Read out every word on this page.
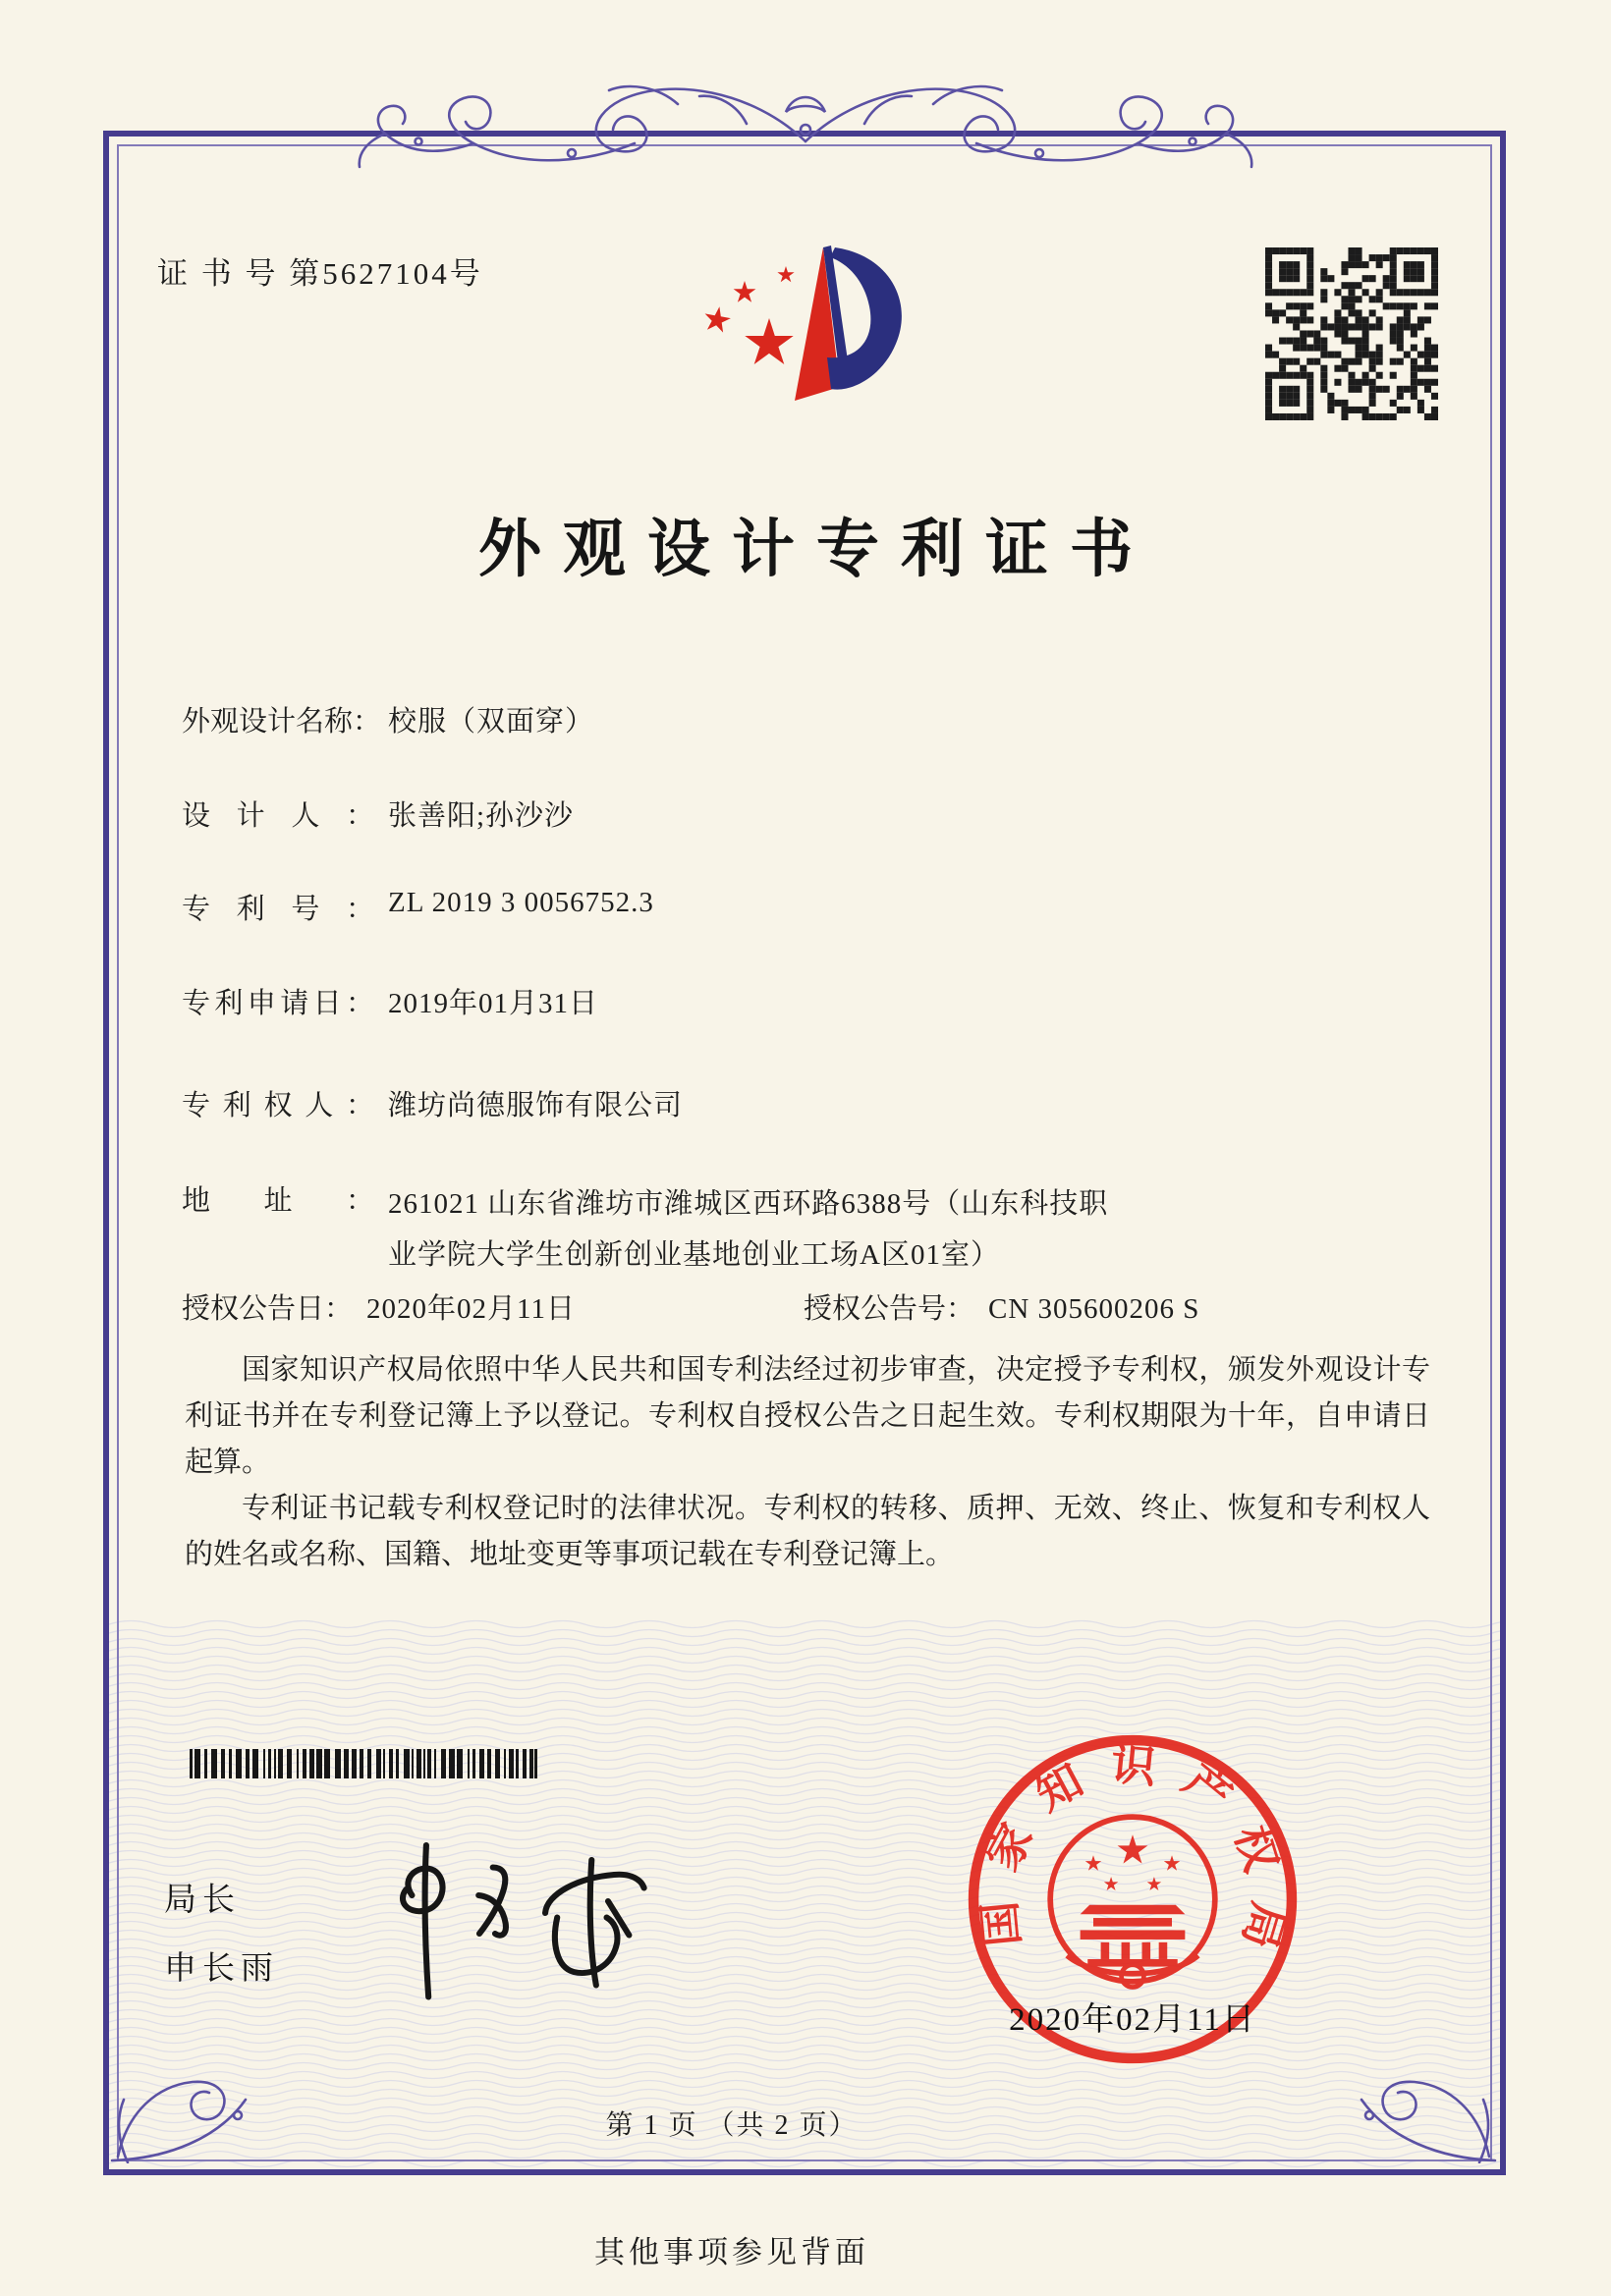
证 书 号 第5627104号
外观设计专利证书
外观设计名称： 校服（双面穿）
设计人： 张善阳;孙沙沙
专利号： ZL 2019 3 0056752.3
专利申请日： 2019年01月31日
专利权人： 潍坊尚德服饰有限公司
地址： 261021 山东省潍坊市潍城区西环路6388号（山东科技职
业学院大学生创新创业基地创业工场A区01室）
授权公告日： 2020年02月11日	授权公告号： CN 305600206 S

国家知识产权局依照中华人民共和国专利法经过初步审查，决定授予专利权，颁发外观设计专利证书并在专利登记簿上予以登记。专利权自授权公告之日起生效。专利权期限为十年，自申请日起算。

专利证书记载专利权登记时的法律状况。专利权的转移、质押、无效、终止、恢复和专利权人的姓名或名称、国籍、地址变更等事项记载在专利登记簿上。

局长
申长雨
国家知识产权局
2020年02月11日
第 1 页 （共 2 页）
其他事项参见背面
